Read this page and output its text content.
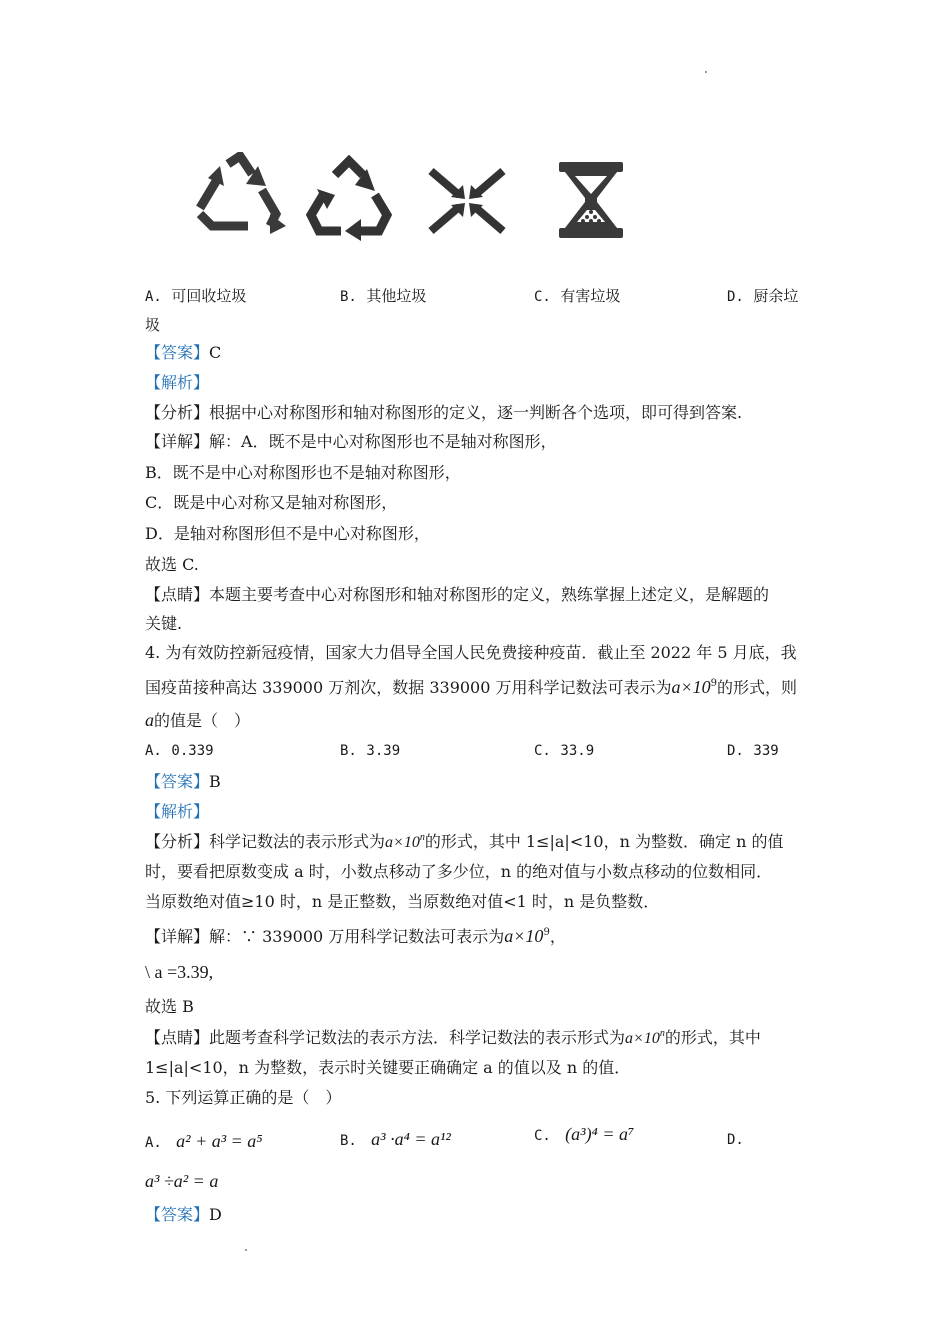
A. 可回收垃圾	B. 其他垃圾	C. 有害垃圾	D. 厨余垃
圾
【答案】C
【解析】
【分析】根据中心对称图形和轴对称图形的定义，逐一判断各个选项，即可得到答案.
【详解】解：A．既不是中心对称图形也不是轴对称图形，
B．既不是中心对称图形也不是轴对称图形，
C．既是中心对称又是轴对称图形，
D．是轴对称图形但不是中心对称图形，
故选 C.
【点睛】本题主要考查中心对称图形和轴对称图形的定义，熟练掌握上述定义，是解题的
关键.
4. 为有效防控新冠疫情，国家大力倡导全国人民免费接种疫苗．截止至 2022 年 5 月底，我
国疫苗接种高达 339000 万剂次，数据 339000 万用科学记数法可表示为$a\times 10^9$的形式，则
a的值是（　）
A. 0.339	B. 3.39	C. 33.9	D. 339
【答案】B
【解析】
【分析】科学记数法的表示形式为$a\times 10^n$的形式，其中 1≤|a|<10，n 为整数．确定 n 的值
时，要看把原数变成 a 时，小数点移动了多少位，n 的绝对值与小数点移动的位数相同．
当原数绝对值≥10 时，n 是正整数，当原数绝对值<1 时，n 是负整数．
【详解】解：∵ 339000 万用科学记数法可表示为$a\times 10^9$，
\ a =3.39,
故选 B
【点睛】此题考查科学记数法的表示方法．科学记数法的表示形式为$a\times 10^n$的形式，其中
1≤|a|<10，n 为整数，表示时关键要正确确定 a 的值以及 n 的值．
5. 下列运算正确的是（　）
A. a² + a³ = a⁵	B. a³ ·a⁴ = a¹²	C. (a³)⁴ = a⁷	D.
a³ ÷a² = a
【答案】D
